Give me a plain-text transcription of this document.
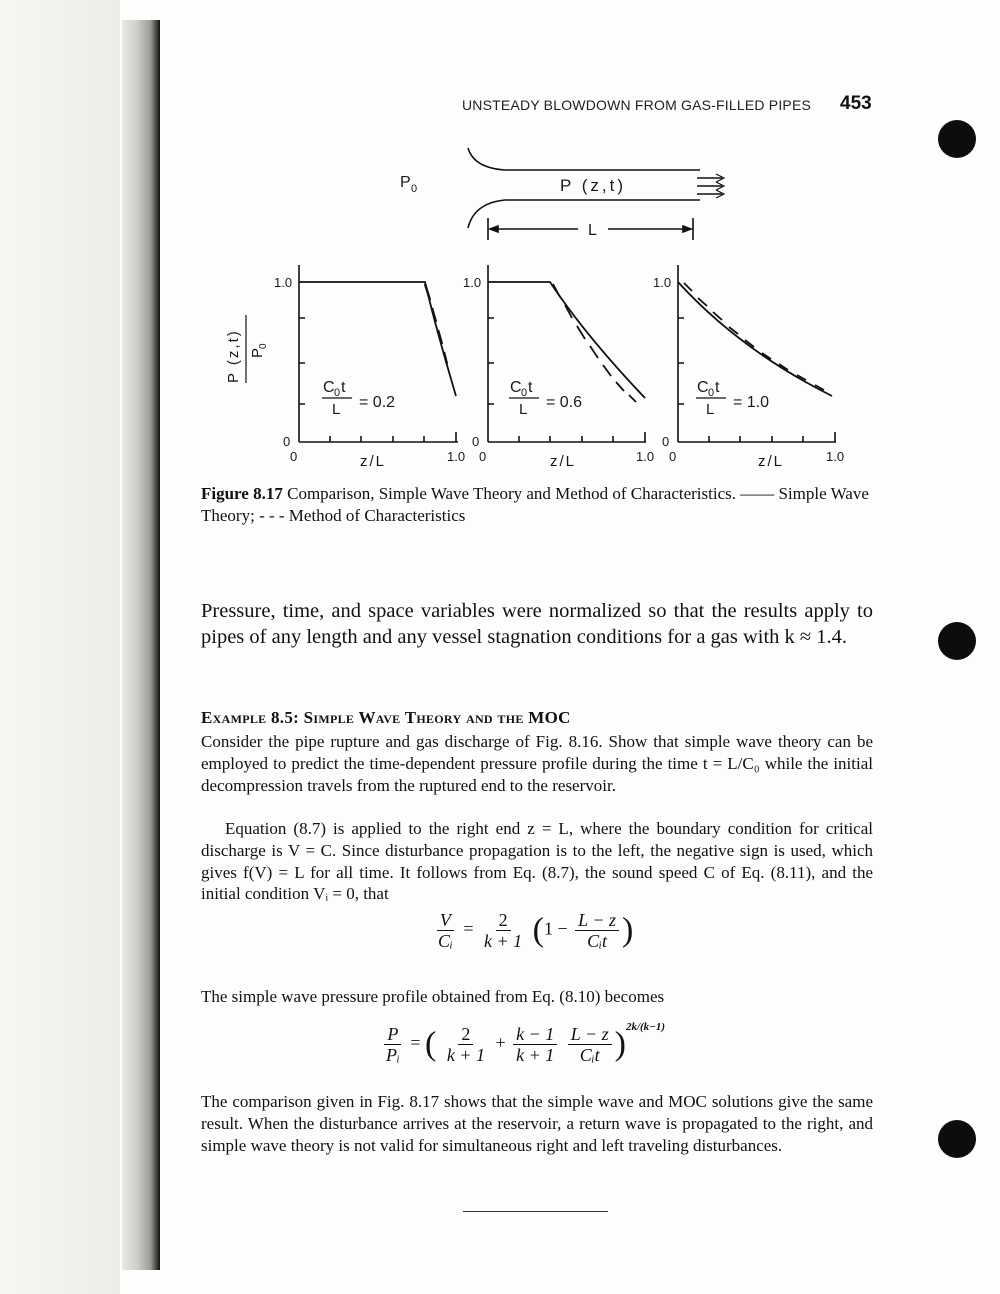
UNSTEADY BLOWDOWN FROM GAS-FILLED PIPES 453
P 0	P (z,t)
L
P (z,t) P
0
1.0
0
0	z/L	1.0
C 0 t
L = 0.2
1.0
0
0	z/L	1.0
C 0 t
L = 0.6
1.0
0
0	z/L	1.0
C 0 t
L = 1.0
Figure 8.17 Comparison, Simple Wave Theory and Method of Characteristics. —— Simple Wave Theory; - - - Method of Characteristics
Pressure, time, and space variables were normalized so that the results apply to pipes of any length and any vessel stagnation conditions for a gas with k ≈ 1.4.
Example 8.5: Simple Wave Theory and the MOC
Consider the pipe rupture and gas discharge of Fig. 8.16. Show that simple wave theory can be employed to predict the time-dependent pressure profile during the time t = L/C₀ while the initial decompression travels from the ruptured end to the reservoir.
Equation (8.7) is applied to the right end z = L, where the boundary condition for critical discharge is V = C. Since disturbance propagation is to the left, the negative sign is used, which gives f(V) = L for all time. It follows from Eq. (8.7), the sound speed C of Eq. (8.11), and the initial condition Vᵢ = 0, that
$\frac{V}{\text{Cᵢ}} = \frac{2}{k + 1} (1 - \frac{L - z}{\text{Cᵢt}}$ )
The simple wave pressure profile obtained from Eq. (8.10) becomes
$\frac{P}{\text{Pᵢ}}$ = ( $\frac{2}{k + 1} + \frac{k - 1}{k + 1}$
$\frac{L - z}{\text{Cᵢt}} )^{2k/(k-1)}$
The comparison given in Fig. 8.17 shows that the simple wave and MOC solutions give the same result. When the disturbance arrives at the reservoir, a return wave is propagated to the right, and simple wave theory is not valid for simultaneous right and left traveling disturbances.
